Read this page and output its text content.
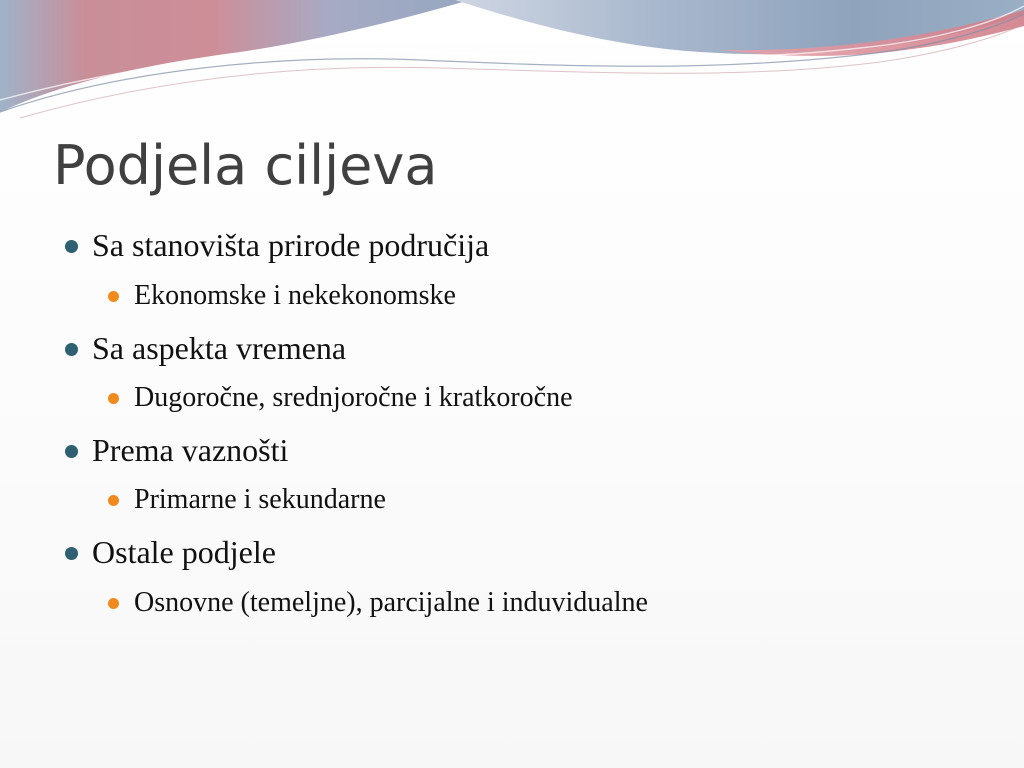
Podjela ciljeva
Sa stanovišta prirode područija
Ekonomske i nekekonomske
Sa aspekta vremena
Dugoročne, srednjoročne i kratkoročne
Prema vaznošti
Primarne i sekundarne
Ostale podjele
Osnovne (temeljne), parcijalne i induvidualne
